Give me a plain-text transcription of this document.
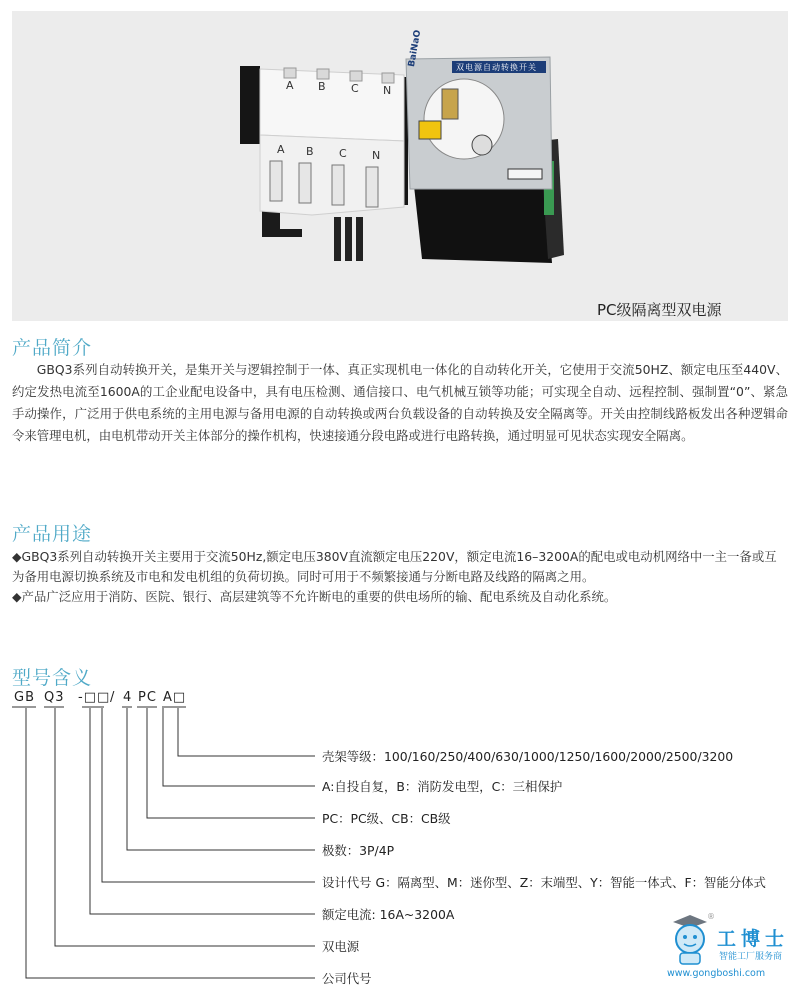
BaiNaO	双电源自动转换开关
A B C N
A B C N
PC级隔离型双电源
产品简介

GBQ3系列自动转换开关，是集开关与逻辑控制于一体、真正实现机电一体化的自动转化开关，它使用于交流50HZ、额定电压至440V、约定发热电流至1600A的工企业配电设备中，具有电压检测、通信接口、电气机械互锁等功能；可实现全自动、远程控制、强制置“0”、紧急手动操作，广泛用于供电系统的主用电源与备用电源的自动转换或两台负载设备的自动转换及安全隔离等。开关由控制线路板发出各种逻辑命令来管理电机，由电机带动开关主体部分的操作机构，快速接通分段电路或进行电路转换，通过明显可见状态实现安全隔离。

产品用途
◆GBQ3系列自动转换开关主要用于交流50Hz,额定电压380V直流额定电压220V，额定电流16–3200A的配电或电动机网络中一主一备或互为备用电源切换系统及市电和发电机组的负荷切换。同时可用于不频繁接通与分断电路及线路的隔离之用。
◆产品广泛应用于消防、医院、银行、高层建筑等不允许断电的重要的供电场所的输、配电系统及自动化系统。
型号含义
GB Q3 -□□ / 4 PC A□
壳架等级：100/160/250/400/630/1000/1250/1600/2000/2500/3200
A:自投自复，B：消防发电型，C：三相保护
PC：PC级、CB：CB级
极数：3P/4P
设计代号 G：隔离型、M：迷你型、Z：末端型、Y：智能一体式、F：智能分体式
额定电流: 16A~3200A
双电源
公司代号
®
工博士
智能工厂服务商
www.gongboshi.com
